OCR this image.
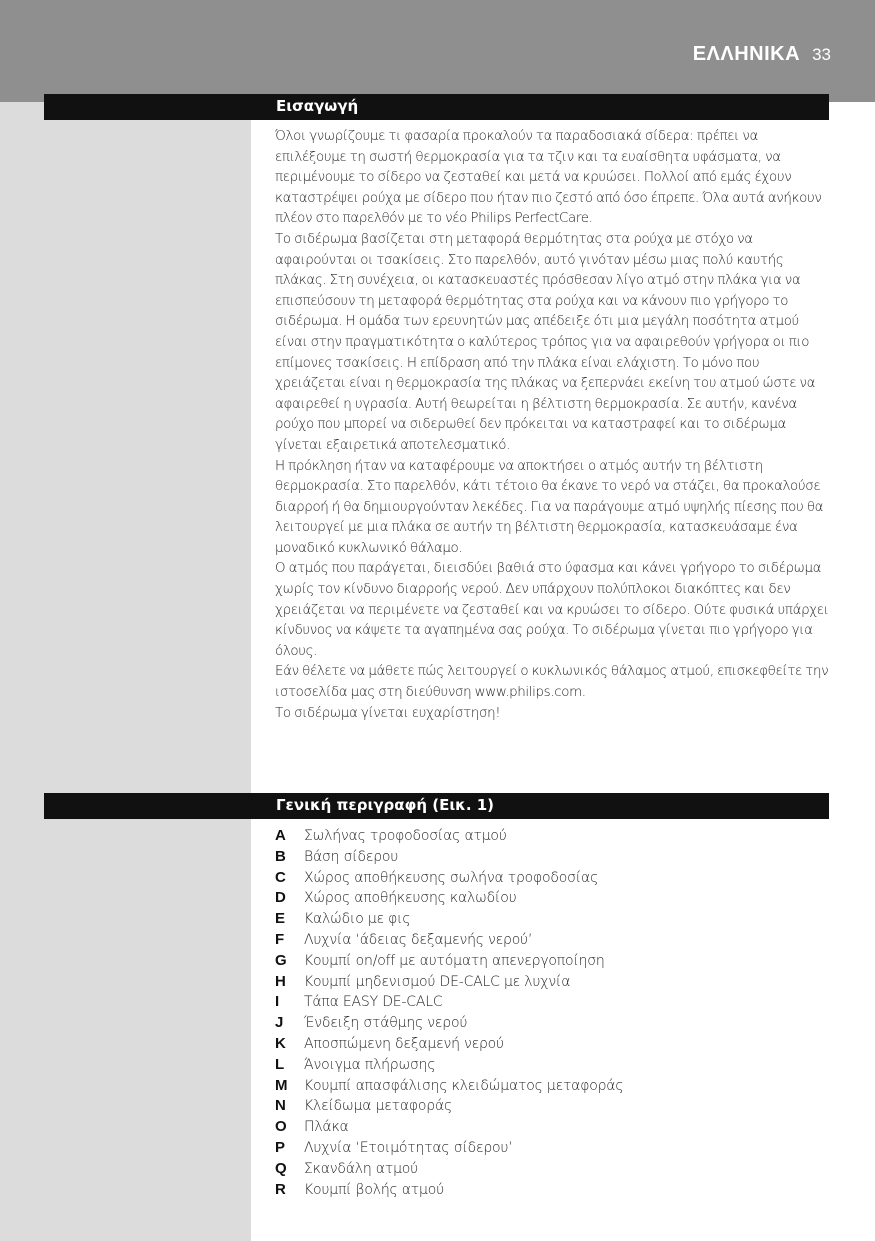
ΕΛΛΗΝΙΚΑ 33
Εισαγωγή

Όλοι γνωρίζουμε τι φασαρία προκαλούν τα παραδοσιακά σίδερα: πρέπει να επιλέξουμε τη σωστή θερμοκρασία για τα τζιν και τα ευαίσθητα υφάσματα, να περιμένουμε το σίδερο να ζεσταθεί και μετά να κρυώσει. Πολλοί από εμάς έχουν καταστρέψει ρούχα με σίδερο που ήταν πιο ζεστό από όσο έπρεπε. Όλα αυτά ανήκουν πλέον στο παρελθόν με το νέο Philips PerfectCare.

Το σιδέρωμα βασίζεται στη μεταφορά θερμότητας στα ρούχα με στόχο να αφαιρούνται οι τσακίσεις. Στο παρελθόν, αυτό γινόταν μέσω μιας πολύ καυτής πλάκας. Στη συνέχεια, οι κατασκευαστές πρόσθεσαν λίγο ατμό στην πλάκα για να επισπεύσουν τη μεταφορά θερμότητας στα ρούχα και να κάνουν πιο γρήγορο το σιδέρωμα. Η ομάδα των ερευνητών μας απέδειξε ότι μια μεγάλη ποσότητα ατμού είναι στην πραγματικότητα ο καλύτερος τρόπος για να αφαιρεθούν γρήγορα οι πιο επίμονες τσακίσεις. Η επίδραση από την πλάκα είναι ελάχιστη. Το μόνο που χρειάζεται είναι η θερμοκρασία της πλάκας να ξεπερνάει εκείνη του ατμού ώστε να αφαιρεθεί η υγρασία. Αυτή θεωρείται η βέλτιστη θερμοκρασία. Σε αυτήν, κανένα ρούχο που μπορεί να σιδερωθεί δεν πρόκειται να καταστραφεί και το σιδέρωμα γίνεται εξαιρετικά αποτελεσματικό.

Η πρόκληση ήταν να καταφέρουμε να αποκτήσει ο ατμός αυτήν τη βέλτιστη θερμοκρασία. Στο παρελθόν, κάτι τέτοιο θα έκανε το νερό να στάζει, θα προκαλούσε διαρροή ή θα δημιουργούνταν λεκέδες. Για να παράγουμε ατμό υψηλής πίεσης που θα λειτουργεί με μια πλάκα σε αυτήν τη βέλτιστη θερμοκρασία, κατασκευάσαμε ένα μοναδικό κυκλωνικό θάλαμο.

Ο ατμός που παράγεται, διεισδύει βαθιά στο ύφασμα και κάνει γρήγορο το σιδέρωμα χωρίς τον κίνδυνο διαρροής νερού. Δεν υπάρχουν πολύπλοκοι διακόπτες και δεν χρειάζεται να περιμένετε να ζεσταθεί και να κρυώσει το σίδερο. Ούτε φυσικά υπάρχει κίνδυνος να κάψετε τα αγαπημένα σας ρούχα. Το σιδέρωμα γίνεται πιο γρήγορο για όλους.

Εάν θέλετε να μάθετε πώς λειτουργεί ο κυκλωνικός θάλαμος ατμού, επισκεφθείτε την ιστοσελίδα μας στη διεύθυνση www.philips.com.

Το σιδέρωμα γίνεται ευχαρίστηση!

Γενική περιγραφή (Εικ. 1)
A	Σωλήνας τροφοδοσίας ατμού
B	Βάση σίδερου
C	Χώρος αποθήκευσης σωλήνα τροφοδοσίας
D	Χώρος αποθήκευσης καλωδίου
E	Καλώδιο με φις
F	Λυχνία ‘άδειας δεξαμενής νερού’
G	Κουμπί on/off με αυτόματη απενεργοποίηση
H	Κουμπί μηδενισμού DE-CALC με λυχνία
I	Τάπα EASY DE-CALC
J	Ένδειξη στάθμης νερού
K	Αποσπώμενη δεξαμενή νερού
L	Άνοιγμα πλήρωσης
M	Κουμπί απασφάλισης κλειδώματος μεταφοράς
N	Κλείδωμα μεταφοράς
O	Πλάκα
P	Λυχνία ‘Ετοιμότητας σίδερου’
Q	Σκανδάλη ατμού
R	Κουμπί βολής ατμού
